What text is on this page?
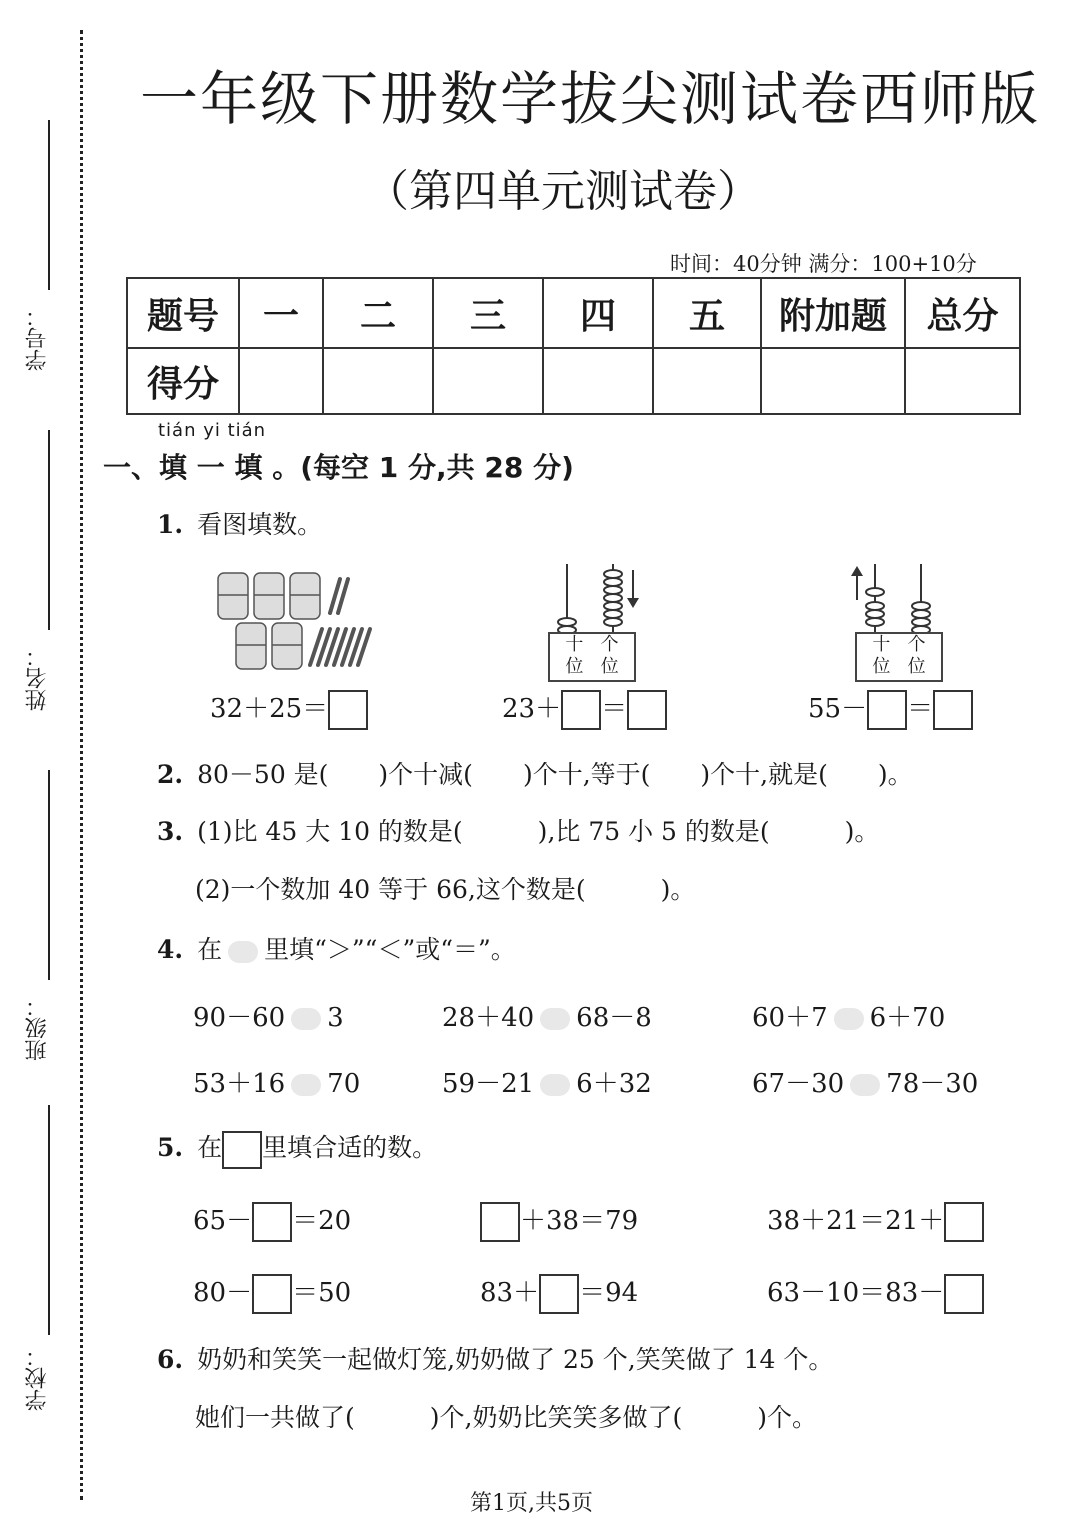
学号：
姓名：
班级：
学校：
一年级下册数学拔尖测试卷西师版
（第四单元测试卷）
时间：40分钟 满分：100+10分
题号	一	二	三	四	五	附加题	总分
得分							
tián yi tián
一、填 一 填 。(每空 1 分,共 28 分)
1. 看图填数。
十 个
位 位
十 个
位 位
32＋25＝	23＋ ＝	55－ ＝
2. 80－50 是(　　)个十减(　　)个十,等于(　　)个十,就是(　　)。
3. (1)比 45 大 10 的数是(　　　),比 75 小 5 的数是(　　　)。
(2)一个数加 40 等于 66,这个数是(　　　)。
4. 在 里填“＞”“＜”或“＝”。
90－60 3	28＋40 68－8	60＋7 6＋70
53＋16 70	59－21 6＋32	67－30 78－30
5. 在 里填合适的数。
65－ ＝20	＋38＝79	38＋21＝21＋
80－ ＝50	83＋ ＝94	63－10＝83－
6. 奶奶和笑笑一起做灯笼,奶奶做了 25 个,笑笑做了 14 个。
她们一共做了(　　　)个,奶奶比笑笑多做了(　　　)个。
第1页,共5页
